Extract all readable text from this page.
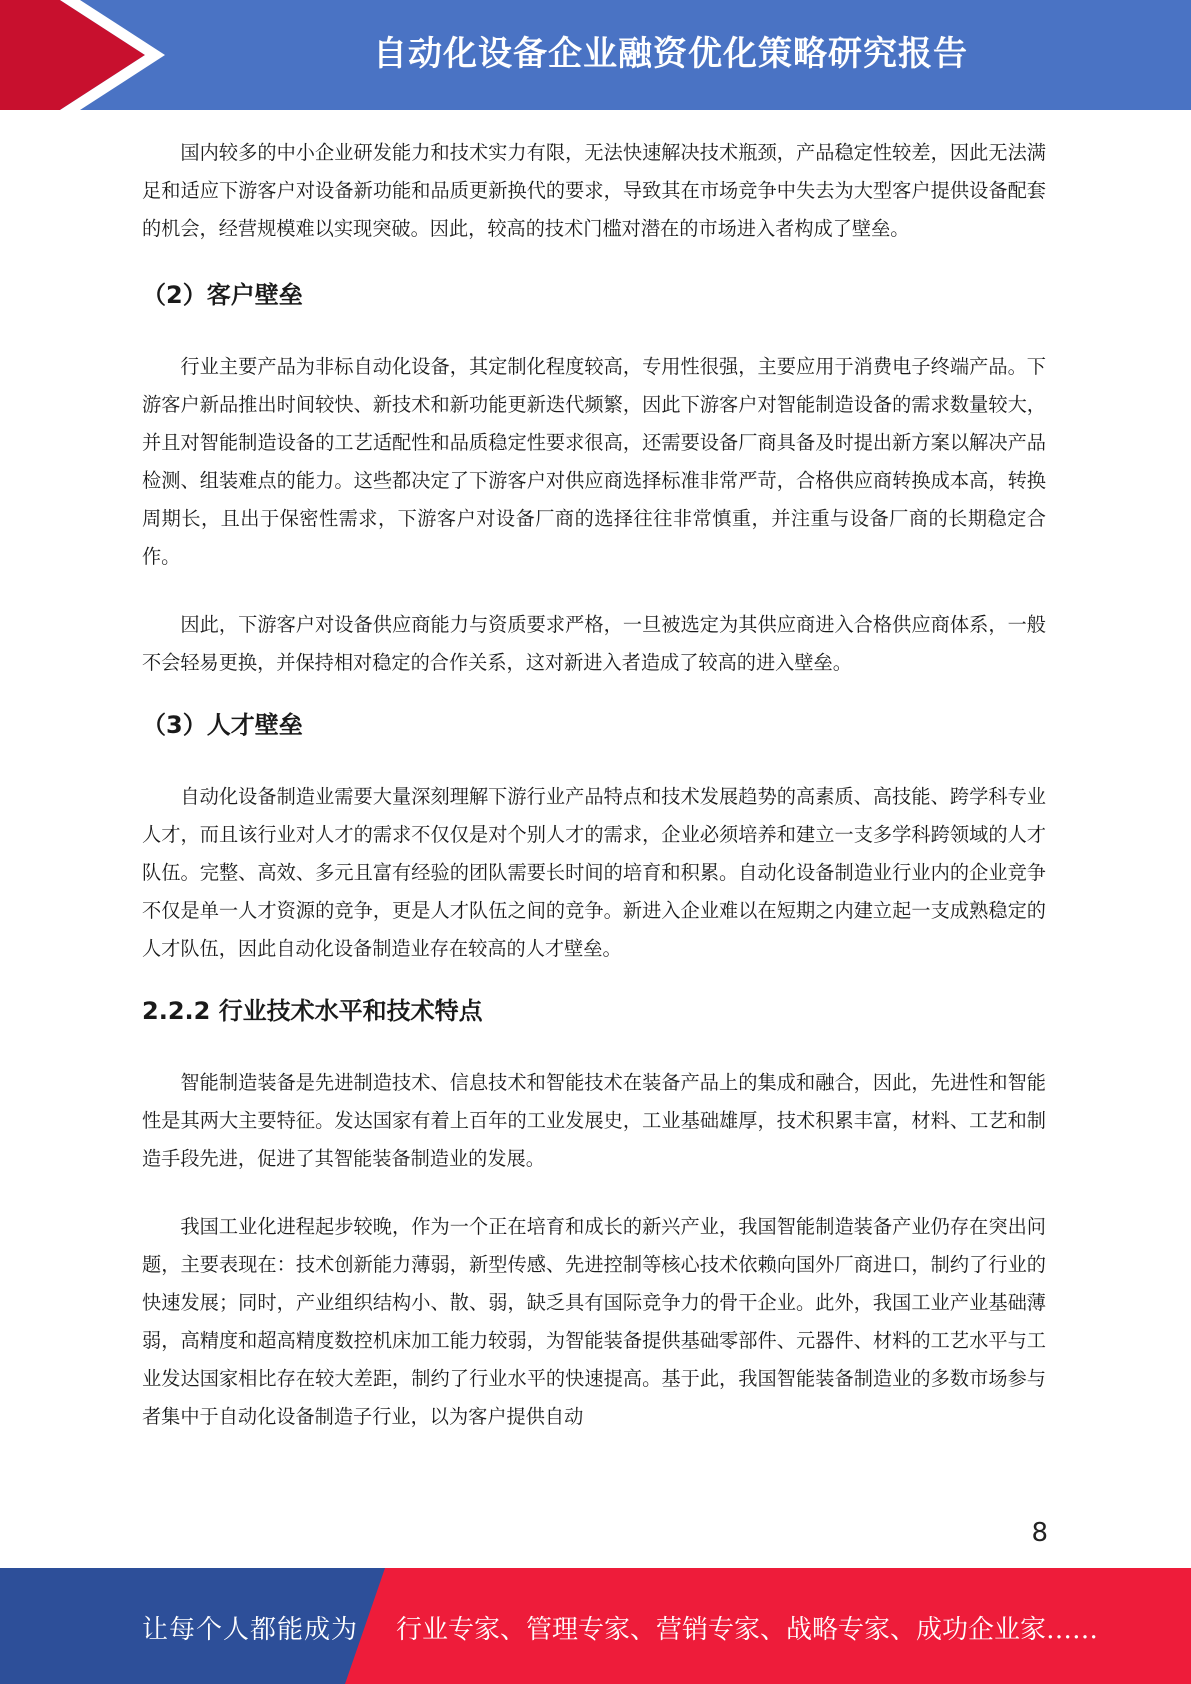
自动化设备企业融资优化策略研究报告

国内较多的中小企业研发能力和技术实力有限，无法快速解决技术瓶颈，产品稳定性较差，因此无法满足和适应下游客户对设备新功能和品质更新换代的要求，导致其在市场竞争中失去为大型客户提供设备配套的机会，经营规模难以实现突破。因此，较高的技术门槛对潜在的市场进入者构成了壁垒。

（2）客户壁垒

行业主要产品为非标自动化设备，其定制化程度较高，专用性很强，主要应用于消费电子终端产品。下游客户新品推出时间较快、新技术和新功能更新迭代频繁，因此下游客户对智能制造设备的需求数量较大，并且对智能制造设备的工艺适配性和品质稳定性要求很高，还需要设备厂商具备及时提出新方案以解决产品检测、组装难点的能力。这些都决定了下游客户对供应商选择标准非常严苛，合格供应商转换成本高，转换周期长，且出于保密性需求，下游客户对设备厂商的选择往往非常慎重，并注重与设备厂商的长期稳定合作。

因此，下游客户对设备供应商能力与资质要求严格，一旦被选定为其供应商进入合格供应商体系，一般不会轻易更换，并保持相对稳定的合作关系，这对新进入者造成了较高的进入壁垒。

（3）人才壁垒

自动化设备制造业需要大量深刻理解下游行业产品特点和技术发展趋势的高素质、高技能、跨学科专业人才，而且该行业对人才的需求不仅仅是对个别人才的需求，企业必须培养和建立一支多学科跨领域的人才队伍。完整、高效、多元且富有经验的团队需要长时间的培育和积累。自动化设备制造业行业内的企业竞争不仅是单一人才资源的竞争，更是人才队伍之间的竞争。新进入企业难以在短期之内建立起一支成熟稳定的人才队伍，因此自动化设备制造业存在较高的人才壁垒。

2.2.2 行业技术水平和技术特点

智能制造装备是先进制造技术、信息技术和智能技术在装备产品上的集成和融合，因此，先进性和智能性是其两大主要特征。发达国家有着上百年的工业发展史，工业基础雄厚，技术积累丰富，材料、工艺和制造手段先进，促进了其智能装备制造业的发展。

我国工业化进程起步较晚，作为一个正在培育和成长的新兴产业，我国智能制造装备产业仍存在突出问题，主要表现在：技术创新能力薄弱，新型传感、先进控制等核心技术依赖向国外厂商进口，制约了行业的快速发展；同时，产业组织结构小、散、弱，缺乏具有国际竞争力的骨干企业。此外，我国工业产业基础薄弱，高精度和超高精度数控机床加工能力较弱，为智能装备提供基础零部件、元器件、材料的工艺水平与工业发达国家相比存在较大差距，制约了行业水平的快速提高。基于此，我国智能装备制造业的多数市场参与者集中于自动化设备制造子行业，以为客户提供自动

8
让每个人都能成为 行业专家、管理专家、营销专家、战略专家、成功企业家……
